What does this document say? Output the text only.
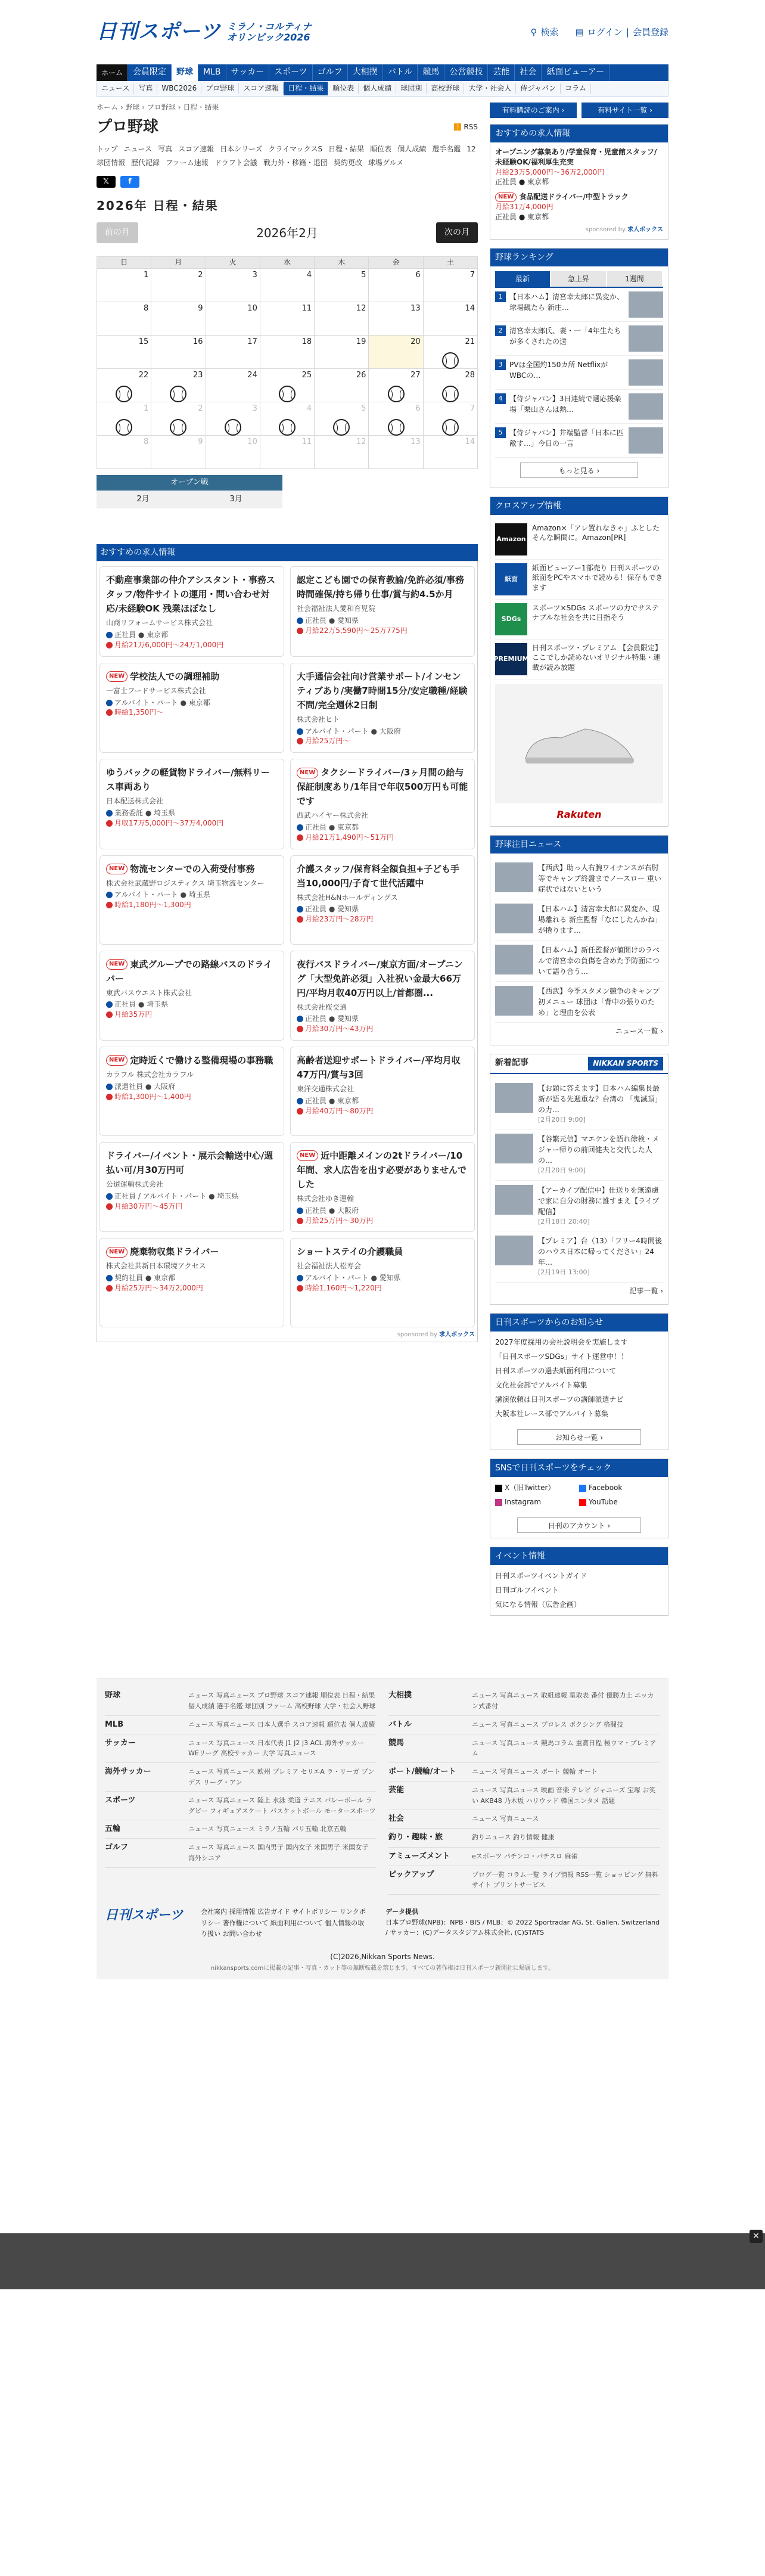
日刊スポーツ ミラノ・コルティナ
オリンピック2026	⚲ 検索 ▤ ログイン | 会員登録
ホーム	会員限定	野球	MLB	サッカー	スポーツ	ゴルフ	大相撲	バトル	競馬	公営競技	芸能	社会	紙面ビューアー
ニュース	写真	WBC2026	プロ野球	スコア速報	日程・結果	順位表	個人成績	球団別	高校野球	大学・社会人	侍ジャパン	コラム
ホーム › 野球 › プロ野球 › 日程・結果
プロ野球	) RSS
トップ ニュース 写真 スコア速報 日本シリーズ クライマックスS 日程・結果 順位表 個人成績 選手名鑑 12球団情報 歴代記録 ファーム速報 ドラフト会議 戦力外・移籍・退団 契約更改 球場グルメ
𝕏	f
2026年 日程・結果
前の月	2026年2月	次の月
日	月	火	水	木	金	土
1	2	3	4	5	6	7
8	9	10	11	12	13	14
15	16	17	18	19	20	21

22	23	24	25	26	27	28

1	2	3	4	5	6	7

8	9	10	11	12	13	14
オープン戦
2月	3月
おすすめの求人情報
不動産事業部の仲介アシスタント・事務スタッフ/物件サイトの運用・問い合わせ対応/未経験OK 残業ほぼなし
山商リフォームサービス株式会社
正社員 ● 東京都
月給21万6,000円〜24万1,000円
認定こども園での保育教諭/免許必須/事務時間確保/持ち帰り仕事/賞与約4.5か月
社会福祉法人愛和育児院
正社員 ● 愛知県
月給22万5,590円〜25万775円
NEW 学校法人での調理補助
一富士フードサービス株式会社
アルバイト・パート ● 東京都
時給1,350円〜
大手通信会社向け営業サポート/インセンティブあり/実働7時間15分/安定職種/経験不問/完全週休2日制
株式会社ヒト
アルバイト・パート ● 大阪府
月給25万円〜
ゆうパックの軽貨物ドライバー/無料リース車両あり
日本配送株式会社
業務委託 ● 埼玉県
月収17万5,000円〜37万4,000円
NEW タクシードライバー/3ヶ月間の給与保証制度あり/1年目で年収500万円も可能です
西武ハイヤー株式会社
正社員 ● 東京都
月給21万1,490円〜51万円
NEW 物流センターでの入荷受付事務
株式会社武蔵野ロジスティクス 埼玉物流センター
アルバイト・パート ● 埼玉県
時給1,180円〜1,300円
介護スタッフ/保育料全額負担+子ども手当10,000円/子育て世代活躍中
株式会社H&Nホールディングス
正社員 ● 愛知県
月給23万円〜28万円
NEW 東武グループでの路線バスのドライバー
東武バスウエスト株式会社
正社員 ● 埼玉県
月給35万円
夜行バスドライバー/東京方面/オープニング「大型免許必須」入社祝い金最大66万円/平均月収40万円以上/首都圏...
株式会社桜交通
正社員 ● 愛知県
月給30万円〜43万円
NEW 定時近くで働ける整備現場の事務職
カラフル 株式会社カラフル
派遣社員 ● 大阪府
時給1,300円〜1,400円
高齢者送迎サポートドライバー/平均月収47万円/賞与3回
東洋交通株式会社
正社員 ● 東京都
月給40万円〜80万円
ドライバー/イベント・展示会輸送中心/週払い可/月30万円可
公道運輸株式会社
正社員 / アルバイト・パート ● 埼玉県
月給30万円〜45万円
NEW 近中距離メインの2tドライバー/10年間、求人広告を出す必要がありませんでした
株式会社ゆき運輸
正社員 ● 大阪府
月給25万円〜30万円
NEW 廃棄物収集ドライバー
株式会社共新日本環境アクセス
契約社員 ● 東京都
月給25万円〜34万2,000円
ショートステイの介護職員
社会福祉法人松寿会
アルバイト・パート ● 愛知県
時給1,160円〜1,220円
sponsored by 求人ボックス
有料購読のご案内 ›	有料サイト一覧 ›
おすすめの求人情報
オープニング募集あり/学童保育・児童館スタッフ/未経験OK/福利厚生充実
月給23万5,000円〜36万2,000円
正社員 ● 東京都
NEW 食品配送ドライバー/中型トラック
月給31万4,000円
正社員 ● 東京都
sponsored by 求人ボックス
野球ランキング
最新	急上昇	1週間
1 【日本ハム】清宮幸太郎に異変か、球場観たら 新庄…
2 清宮幸太郎氏、妻・一「4年生たちが多くされたの送
3 PVは全国約150カ所 Netflixが WBCの…
4 【侍ジャパン】3日連続で選応援楽場「栗山さんは熱…
5 【侍ジャパン】井端監督「日本に匹敵す…」今日の一言
もっと見る ›
クロスアップ情報
Amazon
Amazon×「アレ置れなきゃ」ふとしたそんな瞬間に。Amazon[PR]
紙面
紙面ビューアー1部売り 日刊スポーツの紙面をPCやスマホで読める！保存もできます
SDGs
スポーツ×SDGs スポーツの力でサステナブルな社会を共に目指そう
PREMIUM
日刊スポーツ・プレミアム 【会員限定】ここでしか読めないオリジナル特集・連載が読み放題
Rakuten
野球注目ニュース
【西武】助っ人右腕ワイナンスが右肘等でキャンプ終盤までノースロー 重い症状ではないという
【日本ハム】清宮幸太郎に異変か、現場離れる 新庄監督「なにしたんかね」が捲ります…
【日本ハム】新任監督が値開けのラベルで清宮幸の負傷を含めた予防面について語り合う…
【西武】今季スタメン競争のキャンプ初メニュー 球団は「背中の張りのため」と理由を公表
ニュース一覧 ›
新着記事	NIKKAN SPORTS
【お題に答えます】日本ハム編集長最新が語る先週重な？台湾の 「鬼滅頂」の力…
[2月20日 9:00]
【谷繁元信】マエケンを語れ徐検・メジャー帰りの前回健夫と交代した人の…
[2月20日 9:00]
【アーカイブ配信中】仕送りを無遠慮で家に自分の財務に誰すまえ【ライブ配信】
[2月18日 20:40]
【プレミア】台（13）「フリー4時間後のハウス日本に帰ってください」24年…
[2月19日 13:00]
記事一覧 ›
日刊スポーツからのお知らせ
2027年度採用の会社説明会を実施します
「日刊スポーツSDGs」サイト運営中！！
日刊スポーツの過去紙面利用について
文化社会部でアルバイト募集
講演依頼は日刊スポーツの講師派遣ナビ
大阪本社レース部でアルバイト募集
お知らせ一覧 ›
SNSで日刊スポーツをチェック
X（旧Twitter）	Facebook
Instagram	YouTube
日刊のアカウント ›
イベント情報
日刊スポーツイベントガイド
日刊ゴルフイベント
気になる情報（広告企画）
野球	ニュース 写真ニュース プロ野球 スコア速報 順位表 日程・結果 個人成績 選手名鑑 球団別 ファーム 高校野球 大学・社会人野球
MLB	ニュース 写真ニュース 日本人選手 スコア速報 順位表 個人成績
サッカー	ニュース 写真ニュース 日本代表 J1 J2 J3 ACL 海外サッカー WEリーグ 高校サッカー 大学 写真ニュース
海外サッカー	ニュース 写真ニュース 欧州 プレミア セリエA ラ・リーガ ブンデス リーグ・アン
スポーツ	ニュース 写真ニュース 陸上 水泳 柔道 テニス バレーボール ラグビー フィギュアスケート バスケットボール モータースポーツ
五輪	ニュース 写真ニュース ミラノ五輪 パリ五輪 北京五輪
ゴルフ	ニュース 写真ニュース 国内男子 国内女子 米国男子 米国女子 海外シニア
大相撲	ニュース 写真ニュース 取組速報 星取表 番付 優勝力士 ニッカン式番付
バトル	ニュース 写真ニュース プロレス ボクシング 格闘技
競馬	ニュース 写真ニュース 競馬コラム 重賞日程 極ウマ・プレミアム
ボート/競輪/オート	ニュース 写真ニュース ボート 競輪 オート
芸能	ニュース 写真ニュース 映画 音楽 テレビ ジャニーズ 宝塚 お笑い AKB48 乃木坂 ハリウッド 韓国エンタメ 話題
社会	ニュース 写真ニュース
釣り・趣味・旅	釣りニュース 釣り情報 健康
アミューズメント	eスポーツ パチンコ・パチスロ 麻雀
ピックアップ	ブログ一覧 コラム一覧 ライブ情報 RSS一覧 ショッピング 無料サイト プリントサービス
日刊スポーツ	会社案内 採用情報 広告ガイド サイトポリシー リンクポリシー 著作権について 紙面利用について 個人情報の取り扱い お問い合わせ
データ提供
日本プロ野球(NPB)：NPB・BIS / MLB：© 2022 Sportradar AG, St. Gallen, Switzerland / サッカー：(C)データスタジアム株式会社, (C)STATS
(C)2026,Nikkan Sports News.
nikkansports.comに掲載の記事・写真・カット等の無断転載を禁じます。すべての著作権は日刊スポーツ新聞社に帰属します。
✕
